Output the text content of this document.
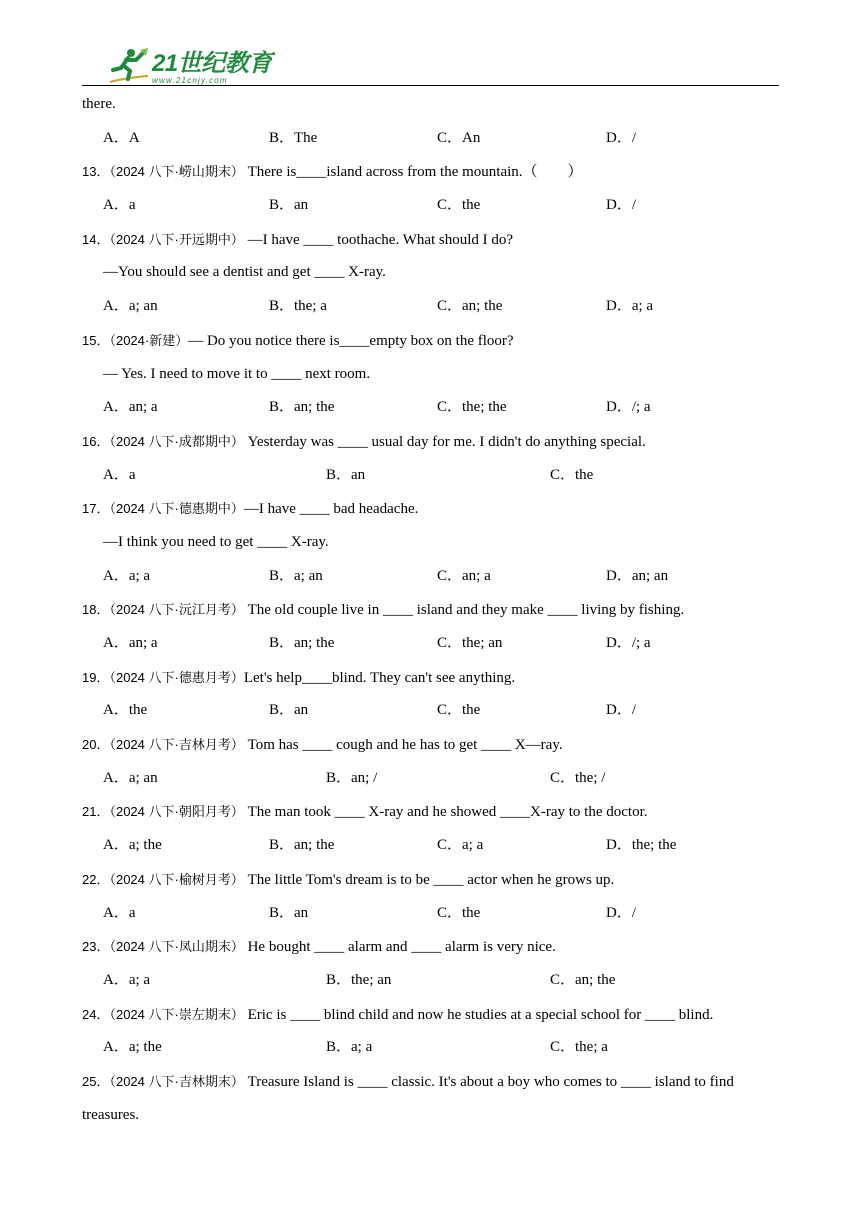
21世纪教育
www.21cnjy.com
there.
A．A	B．The	C．An	D．/
13．（2024 八下·崂山期末） There is____island across from the mountain.（　　）
A．a	B．an	C．the	D．/
14．（2024 八下·开远期中） —I have ____ toothache. What should I do?
—You should see a dentist and get ____ X-ray.
A．a; an	B．the; a	C．an; the	D．a; a
15．（2024·新建）— Do you notice there is____empty box on the floor?
— Yes. I need to move it to ____ next room.
A．an; a	B．an; the	C．the; the	D．/; a
16．（2024 八下·成都期中） Yesterday was ____ usual day for me. I didn't do anything special.
A．a	B．an	C．the
17．（2024 八下·德惠期中）—I have ____ bad headache.
—I think you need to get ____ X-ray.
A．a; a	B．a; an	C．an; a	D．an; an
18．（2024 八下·沅江月考） The old couple live in ____ island and they make ____ living by fishing.
A．an; a	B．an; the	C．the; an	D．/; a
19．（2024 八下·德惠月考）Let's help____blind. They can't see anything.
A．the	B．an	C．the	D．/
20．（2024 八下·吉林月考） Tom has ____ cough and he has to get ____ X—ray.
A．a; an	B．an; /	C．the; /
21．（2024 八下·朝阳月考） The man took ____ X-ray and he showed ____X-ray to the doctor.
A．a; the	B．an; the	C．a; a	D．the; the
22．（2024 八下·榆树月考） The little Tom's dream is to be ____ actor when he grows up.
A．a	B．an	C．the	D．/
23．（2024 八下·凤山期末） He bought ____ alarm and ____ alarm is very nice.
A．a; a	B．the; an	C．an; the
24．（2024 八下·崇左期末） Eric is ____ blind child and now he studies at a special school for ____ blind.
A．a; the	B．a; a	C．the; a
25．（2024 八下·吉林期末） Treasure Island is ____ classic. It's about a boy who comes to ____ island to find
treasures.
